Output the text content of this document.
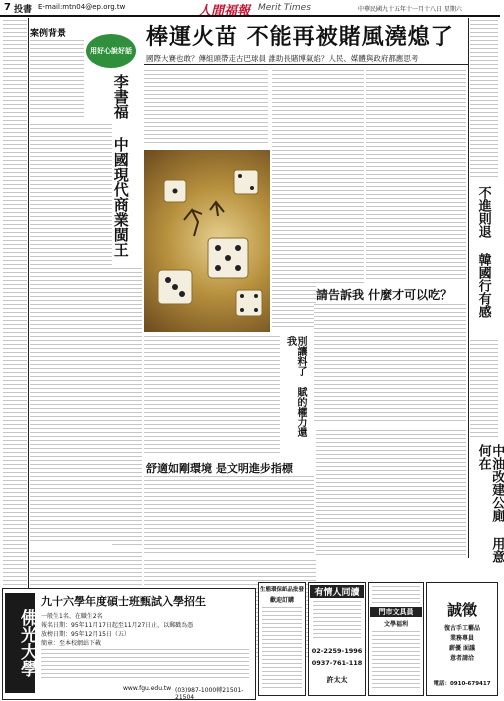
7 投書 E-mail:mtn04@ep.org.tw	人間福報 Merit Times	中華民國九十五年十一月十八日 星期六
案例背景
用好心說好話
李書福 中國現代商業閩王
棒運火苗 不能再被賭風澆熄了
國際大賽也敢？傳組頭帶走古巴球員 誰助長賭博氣焰？人民、媒體與政府都應思考
不進則退 韓國行有感
請告訴我 什麼才可以吃？
別讓料了 賦的權力還我
舒適如剛環境 是文明進步指標	中油改建公廁 用意何在
佛光大學
九十六學年度碩士班甄試入學招生
一般生1名、在職生2名
報名日期：95年11月17日起至11月27日止，以郵戳為憑
放榜日期：95年12月15日（五）
簡章：至本校網站下載
www.fgu.edu.tw (03)987-1000轉21501-21504
生態環保紙品批發
歡迎訂購
有情人同讀
02-2259-1996
0937-761-118
許太太
門市文具員
文學福利
誠徵
復古手工藝品
業務專員
薪優 面議
意者請洽
電話：0910-679417
